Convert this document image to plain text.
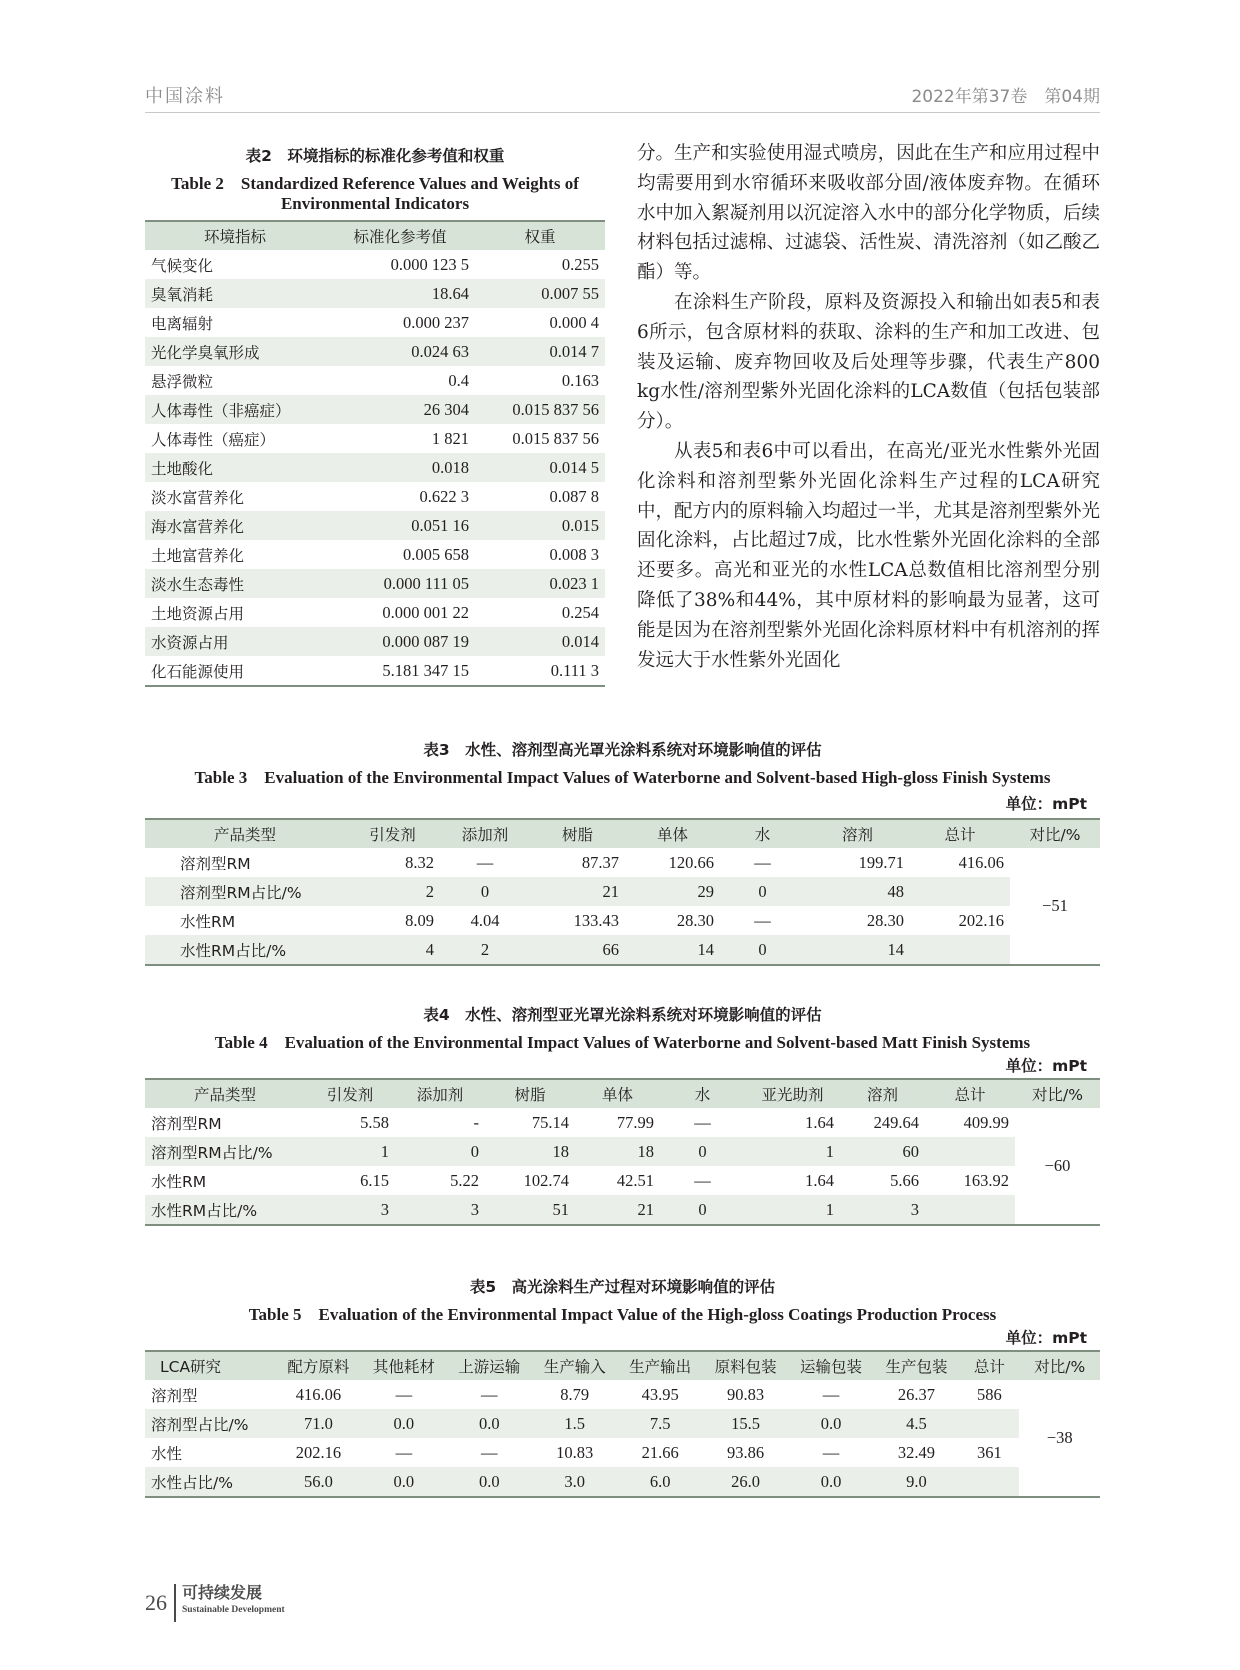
中国涂料	2022年第37卷　第04期
表2　环境指标的标准化参考值和权重
Table 2　Standardized Reference Values and Weights of
Environmental Indicators
环境指标	标准化参考值	权重
气候变化	0.000 123 5	0.255
臭氧消耗	18.64	0.007 55
电离辐射	0.000 237	0.000 4
光化学臭氧形成	0.024 63	0.014 7
悬浮微粒	0.4	0.163
人体毒性（非癌症）	26 304	0.015 837 56
人体毒性（癌症）	1 821	0.015 837 56
土地酸化	0.018	0.014 5
淡水富营养化	0.622 3	0.087 8
海水富营养化	0.051 16	0.015
土地富营养化	0.005 658	0.008 3
淡水生态毒性	0.000 111 05	0.023 1
土地资源占用	0.000 001 22	0.254
水资源占用	0.000 087 19	0.014
化石能源使用	5.181 347 15	0.111 3

分。生产和实验使用湿式喷房，因此在生产和应用过程中均需要用到水帘循环来吸收部分固/液体废弃物。在循环水中加入絮凝剂用以沉淀溶入水中的部分化学物质，后续材料包括过滤棉、过滤袋、活性炭、清洗溶剂（如乙酸乙酯）等。

在涂料生产阶段，原料及资源投入和输出如表5和表6所示，包含原材料的获取、涂料的生产和加工改进、包装及运输、废弃物回收及后处理等步骤，代表生产800 kg水性/溶剂型紫外光固化涂料的LCA数值（包括包装部分）。

从表5和表6中可以看出，在高光/亚光水性紫外光固化涂料和溶剂型紫外光固化涂料生产过程的LCA研究中，配方内的原料输入均超过一半，尤其是溶剂型紫外光固化涂料，占比超过7成，比水性紫外光固化涂料的全部还要多。高光和亚光的水性LCA总数值相比溶剂型分别降低了38%和44%，其中原材料的影响最为显著，这可能是因为在溶剂型紫外光固化涂料原材料中有机溶剂的挥发远大于水性紫外光固化

表3　水性、溶剂型高光罩光涂料系统对环境影响值的评估
Table 3　Evaluation of the Environmental Impact Values of Waterborne and Solvent-based High-gloss Finish Systems
单位：mPt
产品类型	引发剂	添加剂	树脂	单体	水	溶剂	总计	对比/%
溶剂型RM	8.32	—	87.37	120.66	—	199.71	416.06	−51
溶剂型RM占比/%	2	0	21	29	0	48		
水性RM	8.09	4.04	133.43	28.30	—	28.30	202.16	
水性RM占比/%	4	2	66	14	0	14		
表4　水性、溶剂型亚光罩光涂料系统对环境影响值的评估
Table 4　Evaluation of the Environmental Impact Values of Waterborne and Solvent-based Matt Finish Systems
单位：mPt
产品类型	引发剂	添加剂	树脂	单体	水	亚光助剂	溶剂	总计	对比/%
溶剂型RM	5.58	-	75.14	77.99	—	1.64	249.64	409.99	−60
溶剂型RM占比/%	1	0	18	18	0	1	60		
水性RM	6.15	5.22	102.74	42.51	—	1.64	5.66	163.92	
水性RM占比/%	3	3	51	21	0	1	3		
表5　高光涂料生产过程对环境影响值的评估
Table 5　Evaluation of the Environmental Impact Value of the High-gloss Coatings Production Process
单位：mPt
LCA研究	配方原料	其他耗材	上游运输	生产输入	生产输出	原料包装	运输包装	生产包装	总计	对比/%
溶剂型	416.06	—	—	8.79	43.95	90.83	—	26.37	586	−38
溶剂型占比/%	71.0	0.0	0.0	1.5	7.5	15.5	0.0	4.5		
水性	202.16	—	—	10.83	21.66	93.86	—	32.49	361	
水性占比/%	56.0	0.0	0.0	3.0	6.0	26.0	0.0	9.0		
26 可持续发展
Sustainable Development
